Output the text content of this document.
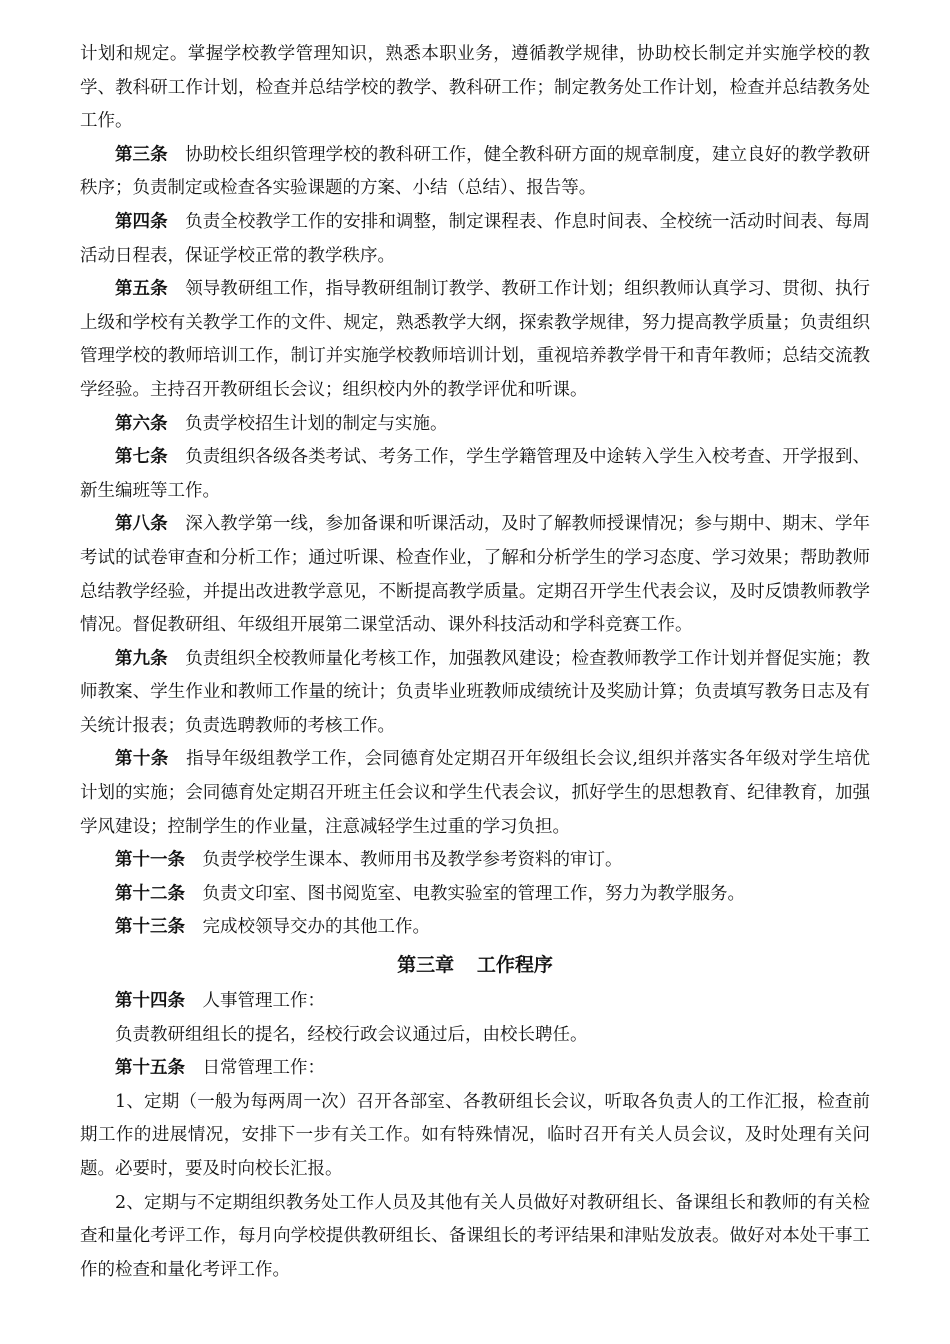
计划和规定。掌握学校教学管理知识，熟悉本职业务，遵循教学规律，协助校长制定并实施学校的教学、教科研工作计划，检查并总结学校的教学、教科研工作；制定教务处工作计划，检查并总结教务处工作。

第三条 协助校长组织管理学校的教科研工作，健全教科研方面的规章制度，建立良好的教学教研秩序；负责制定或检查各实验课题的方案、小结（总结）、报告等。

第四条 负责全校教学工作的安排和调整，制定课程表、作息时间表、全校统一活动时间表、每周活动日程表，保证学校正常的教学秩序。

第五条 领导教研组工作，指导教研组制订教学、教研工作计划；组织教师认真学习、贯彻、执行上级和学校有关教学工作的文件、规定，熟悉教学大纲，探索教学规律，努力提高教学质量；负责组织管理学校的教师培训工作，制订并实施学校教师培训计划，重视培养教学骨干和青年教师；总结交流教学经验。主持召开教研组长会议；组织校内外的教学评优和听课。

第六条 负责学校招生计划的制定与实施。

第七条 负责组织各级各类考试、考务工作，学生学籍管理及中途转入学生入校考查、开学报到、新生编班等工作。

第八条 深入教学第一线，参加备课和听课活动，及时了解教师授课情况；参与期中、期末、学年考试的试卷审查和分析工作；通过听课、检查作业，了解和分析学生的学习态度、学习效果；帮助教师总结教学经验，并提出改进教学意见，不断提高教学质量。定期召开学生代表会议，及时反馈教师教学情况。督促教研组、年级组开展第二课堂活动、课外科技活动和学科竞赛工作。

第九条 负责组织全校教师量化考核工作，加强教风建设；检查教师教学工作计划并督促实施；教师教案、学生作业和教师工作量的统计；负责毕业班教师成绩统计及奖励计算；负责填写教务日志及有关统计报表；负责选聘教师的考核工作。

第十条 指导年级组教学工作，会同德育处定期召开年级组长会议,组织并落实各年级对学生培优计划的实施；会同德育处定期召开班主任会议和学生代表会议，抓好学生的思想教育、纪律教育，加强学风建设；控制学生的作业量，注意减轻学生过重的学习负担。

第十一条 负责学校学生课本、教师用书及教学参考资料的审订。

第十二条 负责文印室、图书阅览室、电教实验室的管理工作，努力为教学服务。

第十三条 完成校领导交办的其他工作。

第三章 工作程序

第十四条 人事管理工作：

负责教研组组长的提名，经校行政会议通过后，由校长聘任。

第十五条 日常管理工作：

1、定期（一般为每两周一次）召开各部室、各教研组长会议，听取各负责人的工作汇报，检查前期工作的进展情况，安排下一步有关工作。如有特殊情况，临时召开有关人员会议，及时处理有关问题。必要时，要及时向校长汇报。

2、定期与不定期组织教务处工作人员及其他有关人员做好对教研组长、备课组长和教师的有关检查和量化考评工作，每月向学校提供教研组长、备课组长的考评结果和津贴发放表。做好对本处干事工作的检查和量化考评工作。
